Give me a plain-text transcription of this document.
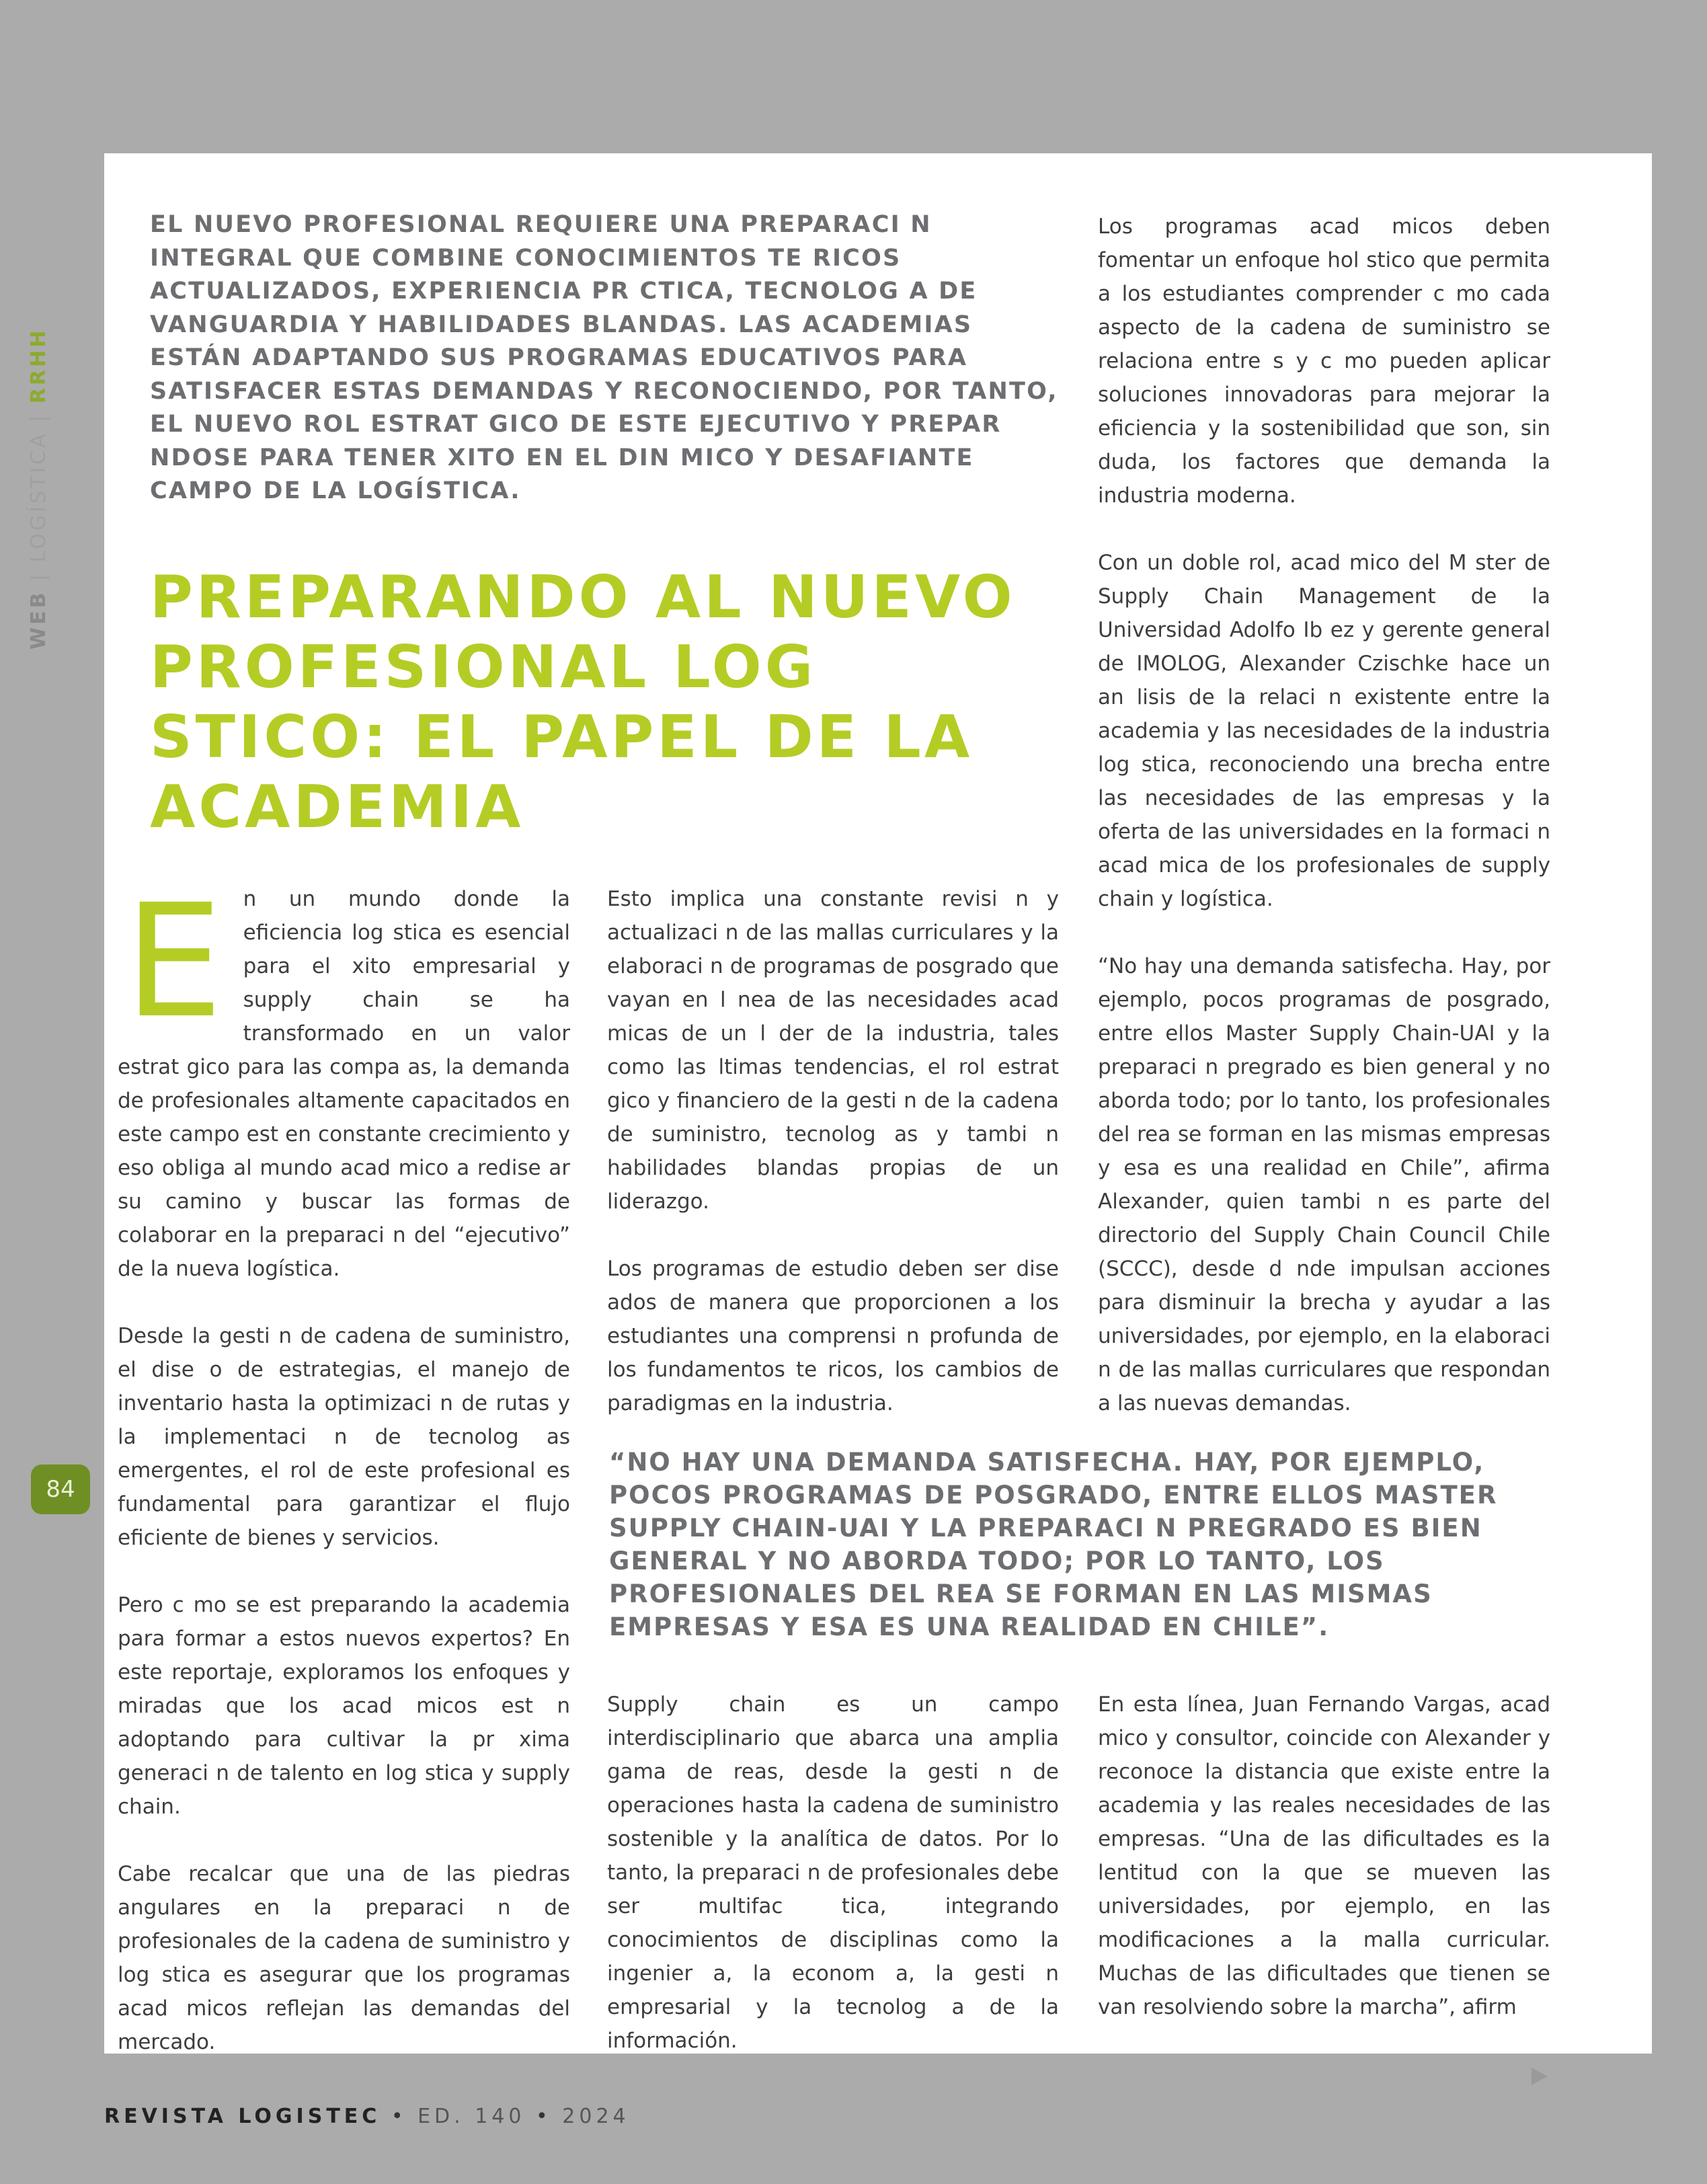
WEB | LOGÍSTICA | RRHH
84

EL NUEVO PROFESIONAL REQUIERE UNA PREPARACI N INTEGRAL QUE COMBINE CONOCIMIENTOS TE RICOS ACTUALIZADOS, EXPERIENCIA PR CTICA, TECNOLOG A DE VANGUARDIA Y HABILIDADES BLANDAS. LAS ACADEMIAS ESTÁN ADAPTANDO SUS PROGRAMAS EDUCATIVOS PARA SATISFACER ESTAS DEMANDAS Y RECONOCIENDO, POR TANTO, EL NUEVO ROL ESTRAT GICO DE ESTE EJECUTIVO Y PREPAR NDOSE PARA TENER XITO EN EL DIN MICO Y DESAFIANTE CAMPO DE LA LOGÍSTICA.

PREPARANDO AL NUEVO PROFESIONAL LOG STICO: EL PAPEL DE LA ACADEMIA

En un mundo donde la eficiencia log stica es esencial para el xito empresarial y supply chain se ha transformado en un valor estrat gico para las compa as, la demanda de profesionales altamente capacitados en este campo est en constante crecimiento y eso obliga al mundo acad mico a redise ar su camino y buscar las formas de colaborar en la preparaci n del “ejecutivo” de la nueva logística.

Desde la gesti n de cadena de suministro, el dise o de estrategias, el manejo de inventario hasta la optimizaci n de rutas y la implementaci n de tecnolog as emergentes, el rol de este profesional es fundamental para garantizar el flujo eficiente de bienes y servicios.

Pero c mo se est preparando la academia para formar a estos nuevos expertos? En este reportaje, exploramos los enfoques y miradas que los acad micos est n adoptando para cultivar la pr xima generaci n de talento en log stica y supply chain.

Cabe recalcar que una de las piedras angulares en la preparaci n de profesionales de la cadena de suministro y log stica es asegurar que los programas acad micos reflejan las demandas del mercado.

Esto implica una constante revisi n y actualizaci n de las mallas curriculares y la elaboraci n de programas de posgrado que vayan en l nea de las necesidades acad micas de un l der de la industria, tales como las ltimas tendencias, el rol estrat gico y financiero de la gesti n de la cadena de suministro, tecnolog as y tambi n habilidades blandas propias de un liderazgo.

Los programas de estudio deben ser dise ados de manera que proporcionen a los estudiantes una comprensi n profunda de los fundamentos te ricos, los cambios de paradigmas en la industria.

Los programas acad micos deben fomentar un enfoque hol stico que permita a los estudiantes comprender c mo cada aspecto de la cadena de suministro se relaciona entre s y c mo pueden aplicar soluciones innovadoras para mejorar la eficiencia y la sostenibilidad que son, sin duda, los factores que demanda la industria moderna.

Con un doble rol, acad mico del M ster de Supply Chain Management de la Universidad Adolfo Ib ez y gerente general de IMOLOG, Alexander Czischke hace un an lisis de la relaci n existente entre la academia y las necesidades de la industria log stica, reconociendo una brecha entre las necesidades de las empresas y la oferta de las universidades en la formaci n acad mica de los profesionales de supply chain y logística.

“No hay una demanda satisfecha. Hay, por ejemplo, pocos programas de posgrado, entre ellos Master Supply Chain-UAI y la preparaci n pregrado es bien general y no aborda todo; por lo tanto, los profesionales del rea se forman en las mismas empresas y esa es una realidad en Chile”, afirma Alexander, quien tambi n es parte del directorio del Supply Chain Council Chile (SCCC), desde d nde impulsan acciones para disminuir la brecha y ayudar a las universidades, por ejemplo, en la elaboraci n de las mallas curriculares que respondan a las nuevas demandas.

“NO HAY UNA DEMANDA SATISFECHA. HAY, POR EJEMPLO, POCOS PROGRAMAS DE POSGRADO, ENTRE ELLOS MASTER SUPPLY CHAIN-UAI Y LA PREPARACI N PREGRADO ES BIEN GENERAL Y NO ABORDA TODO; POR LO TANTO, LOS PROFESIONALES DEL REA SE FORMAN EN LAS MISMAS EMPRESAS Y ESA ES UNA REALIDAD EN CHILE”.

Supply chain es un campo interdisciplinario que abarca una amplia gama de reas, desde la gesti n de operaciones hasta la cadena de suministro sostenible y la analítica de datos. Por lo tanto, la preparaci n de profesionales debe ser multifac tica, integrando conocimientos de disciplinas como la ingenier a, la econom a, la gesti n empresarial y la tecnolog a de la información.

En esta línea, Juan Fernando Vargas, acad mico y consultor, coincide con Alexander y reconoce la distancia que existe entre la academia y las reales necesidades de las empresas. “Una de las dificultades es la lentitud con la que se mueven las universidades, por ejemplo, en las modificaciones a la malla curricular. Muchas de las dificultades que tienen se van resolviendo sobre la marcha”, afirm

REVISTA LOGISTEC • ED. 140 • 2024
